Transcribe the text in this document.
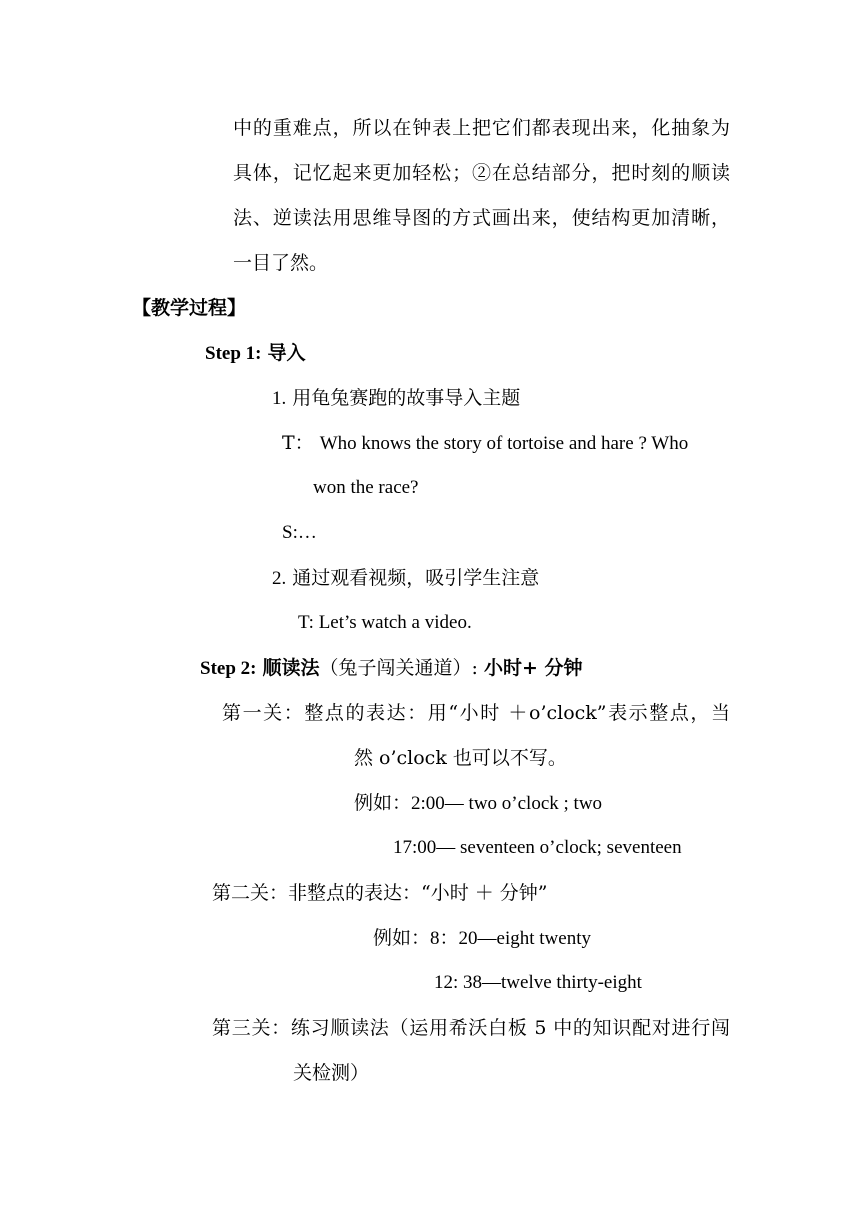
中的重难点，所以在钟表上把它们都表现出来，化抽象为

具体，记忆起来更加轻松；②在总结部分，把时刻的顺读

法、逆读法用思维导图的方式画出来，使结构更加清晰，

一目了然。

【教学过程】

Step 1: 导入

1. 用龟兔赛跑的故事导入主题

T： Who knows the story of tortoise and hare ? Who

won the race?

S:…

2. 通过观看视频，吸引学生注意

T: Let’s watch a video.

Step 2: 顺读法（兔子闯关通道）: 小时+ 分钟

第一关：整点的表达：用“小时 ＋o’clock”表示整点，当

然 o’clock 也可以不写。

例如：2:00— two o’clock ; two

17:00— seventeen o’clock; seventeen

第二关：非整点的表达：“小时 ＋ 分钟”

例如：8：20—eight twenty

12: 38—twelve thirty-eight

第三关：练习顺读法（运用希沃白板 5 中的知识配对进行闯

关检测）
